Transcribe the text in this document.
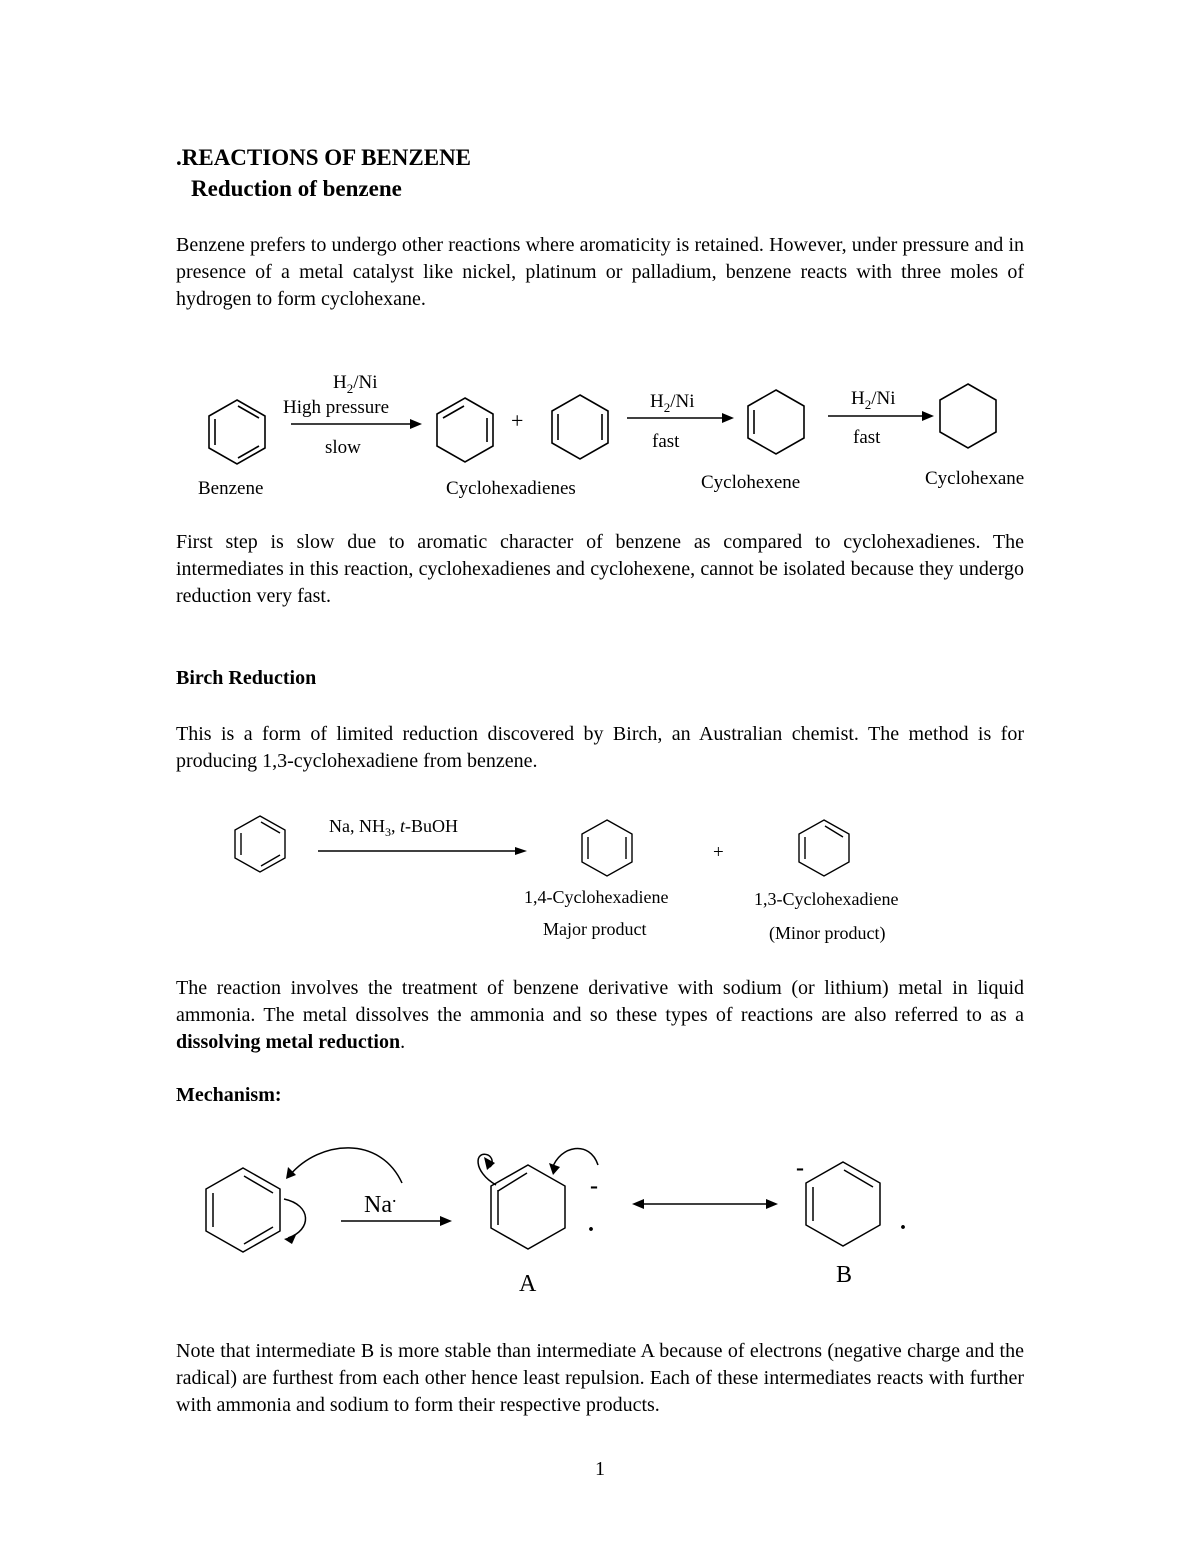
.REACTIONS OF BENZENE
Reduction of benzene
Benzene prefers to undergo other reactions where aromaticity is retained. However, under pressure and in presence of a metal catalyst like nickel, platinum or palladium, benzene reacts with three moles of hydrogen to form cyclohexane.
$H_2/Ni$
High pressure
slow
+
$H_2/Ni$
fast
$H_2/Ni$
fast
Benzene	Cyclohexadienes	Cyclohexene	Cyclohexane
First step is slow due to aromatic character of benzene as compared to cyclohexadienes. The intermediates in this reaction, cyclohexadienes and cyclohexene, cannot be isolated because they undergo reduction very fast.
Birch Reduction
This is a form of limited reduction discovered by Birch, an Australian chemist. The method is for producing 1,3-cyclohexadiene from benzene.
Na, $NH_3$, t-BuOH
+
1,4-Cyclohexadiene
Major product
1,3-Cyclohexadiene
(Minor product)
The reaction involves the treatment of benzene derivative with sodium (or lithium) metal in liquid ammonia. The metal dissolves the ammonia and so these types of reactions are also referred to as a dissolving metal reduction.
Mechanism:
Na.	-
.
-
.
A	B
Note that intermediate B is more stable than intermediate A because of electrons (negative charge and the radical) are furthest from each other hence least repulsion. Each of these intermediates reacts with further with ammonia and sodium to form their respective products.
1
